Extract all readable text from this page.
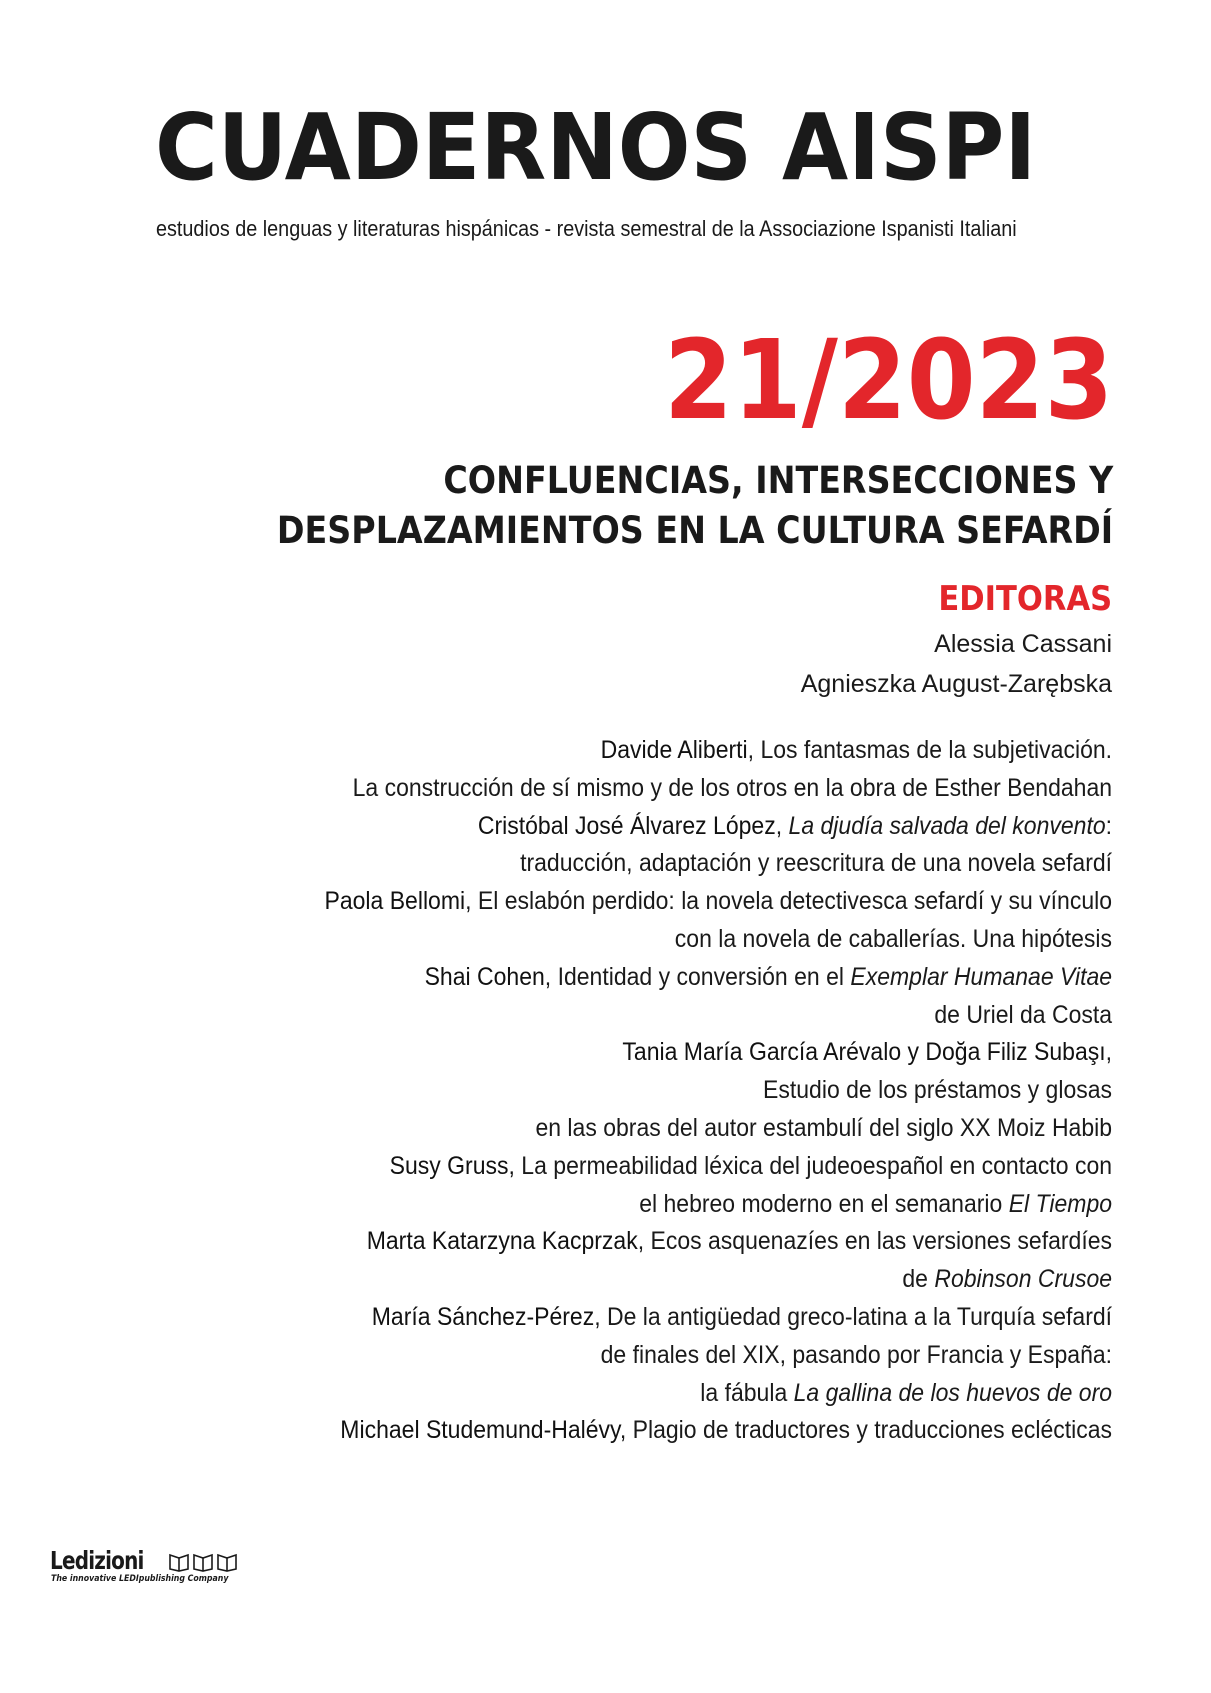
CUADERNOS AISPI
estudios de lenguas y literaturas hispánicas - revista semestral de la Associazione Ispanisti Italiani
21/2023
CONFLUENCIAS, INTERSECCIONES Y
DESPLAZAMIENTOS EN LA CULTURA SEFARDÍ
EDITORAS
Alessia Cassani
Agnieszka August-Zarębska
Davide Aliberti, Los fantasmas de la subjetivación.
La construcción de sí mismo y de los otros en la obra de Esther Bendahan
Cristóbal José Álvarez López, La djudía salvada del konvento:
traducción, adaptación y reescritura de una novela sefardí
Paola Bellomi, El eslabón perdido: la novela detectivesca sefardí y su vínculo
con la novela de caballerías. Una hipótesis
Shai Cohen, Identidad y conversión en el Exemplar Humanae Vitae
de Uriel da Costa
Tania María García Arévalo y Doğa Filiz Subaşı,
Estudio de los préstamos y glosas
en las obras del autor estambulí del siglo XX Moiz Habib
Susy Gruss, La permeabilidad léxica del judeoespañol en contacto con
el hebreo moderno en el semanario El Tiempo
Marta Katarzyna Kacprzak, Ecos asquenazíes en las versiones sefardíes
de Robinson Crusoe
María Sánchez-Pérez, De la antigüedad greco-latina a la Turquía sefardí
de finales del XIX, pasando por Francia y España:
la fábula La gallina de los huevos de oro
Michael Studemund-Halévy, Plagio de traductores y traducciones eclécticas
Ledizioni
The innovative LEDIpublishing Company
